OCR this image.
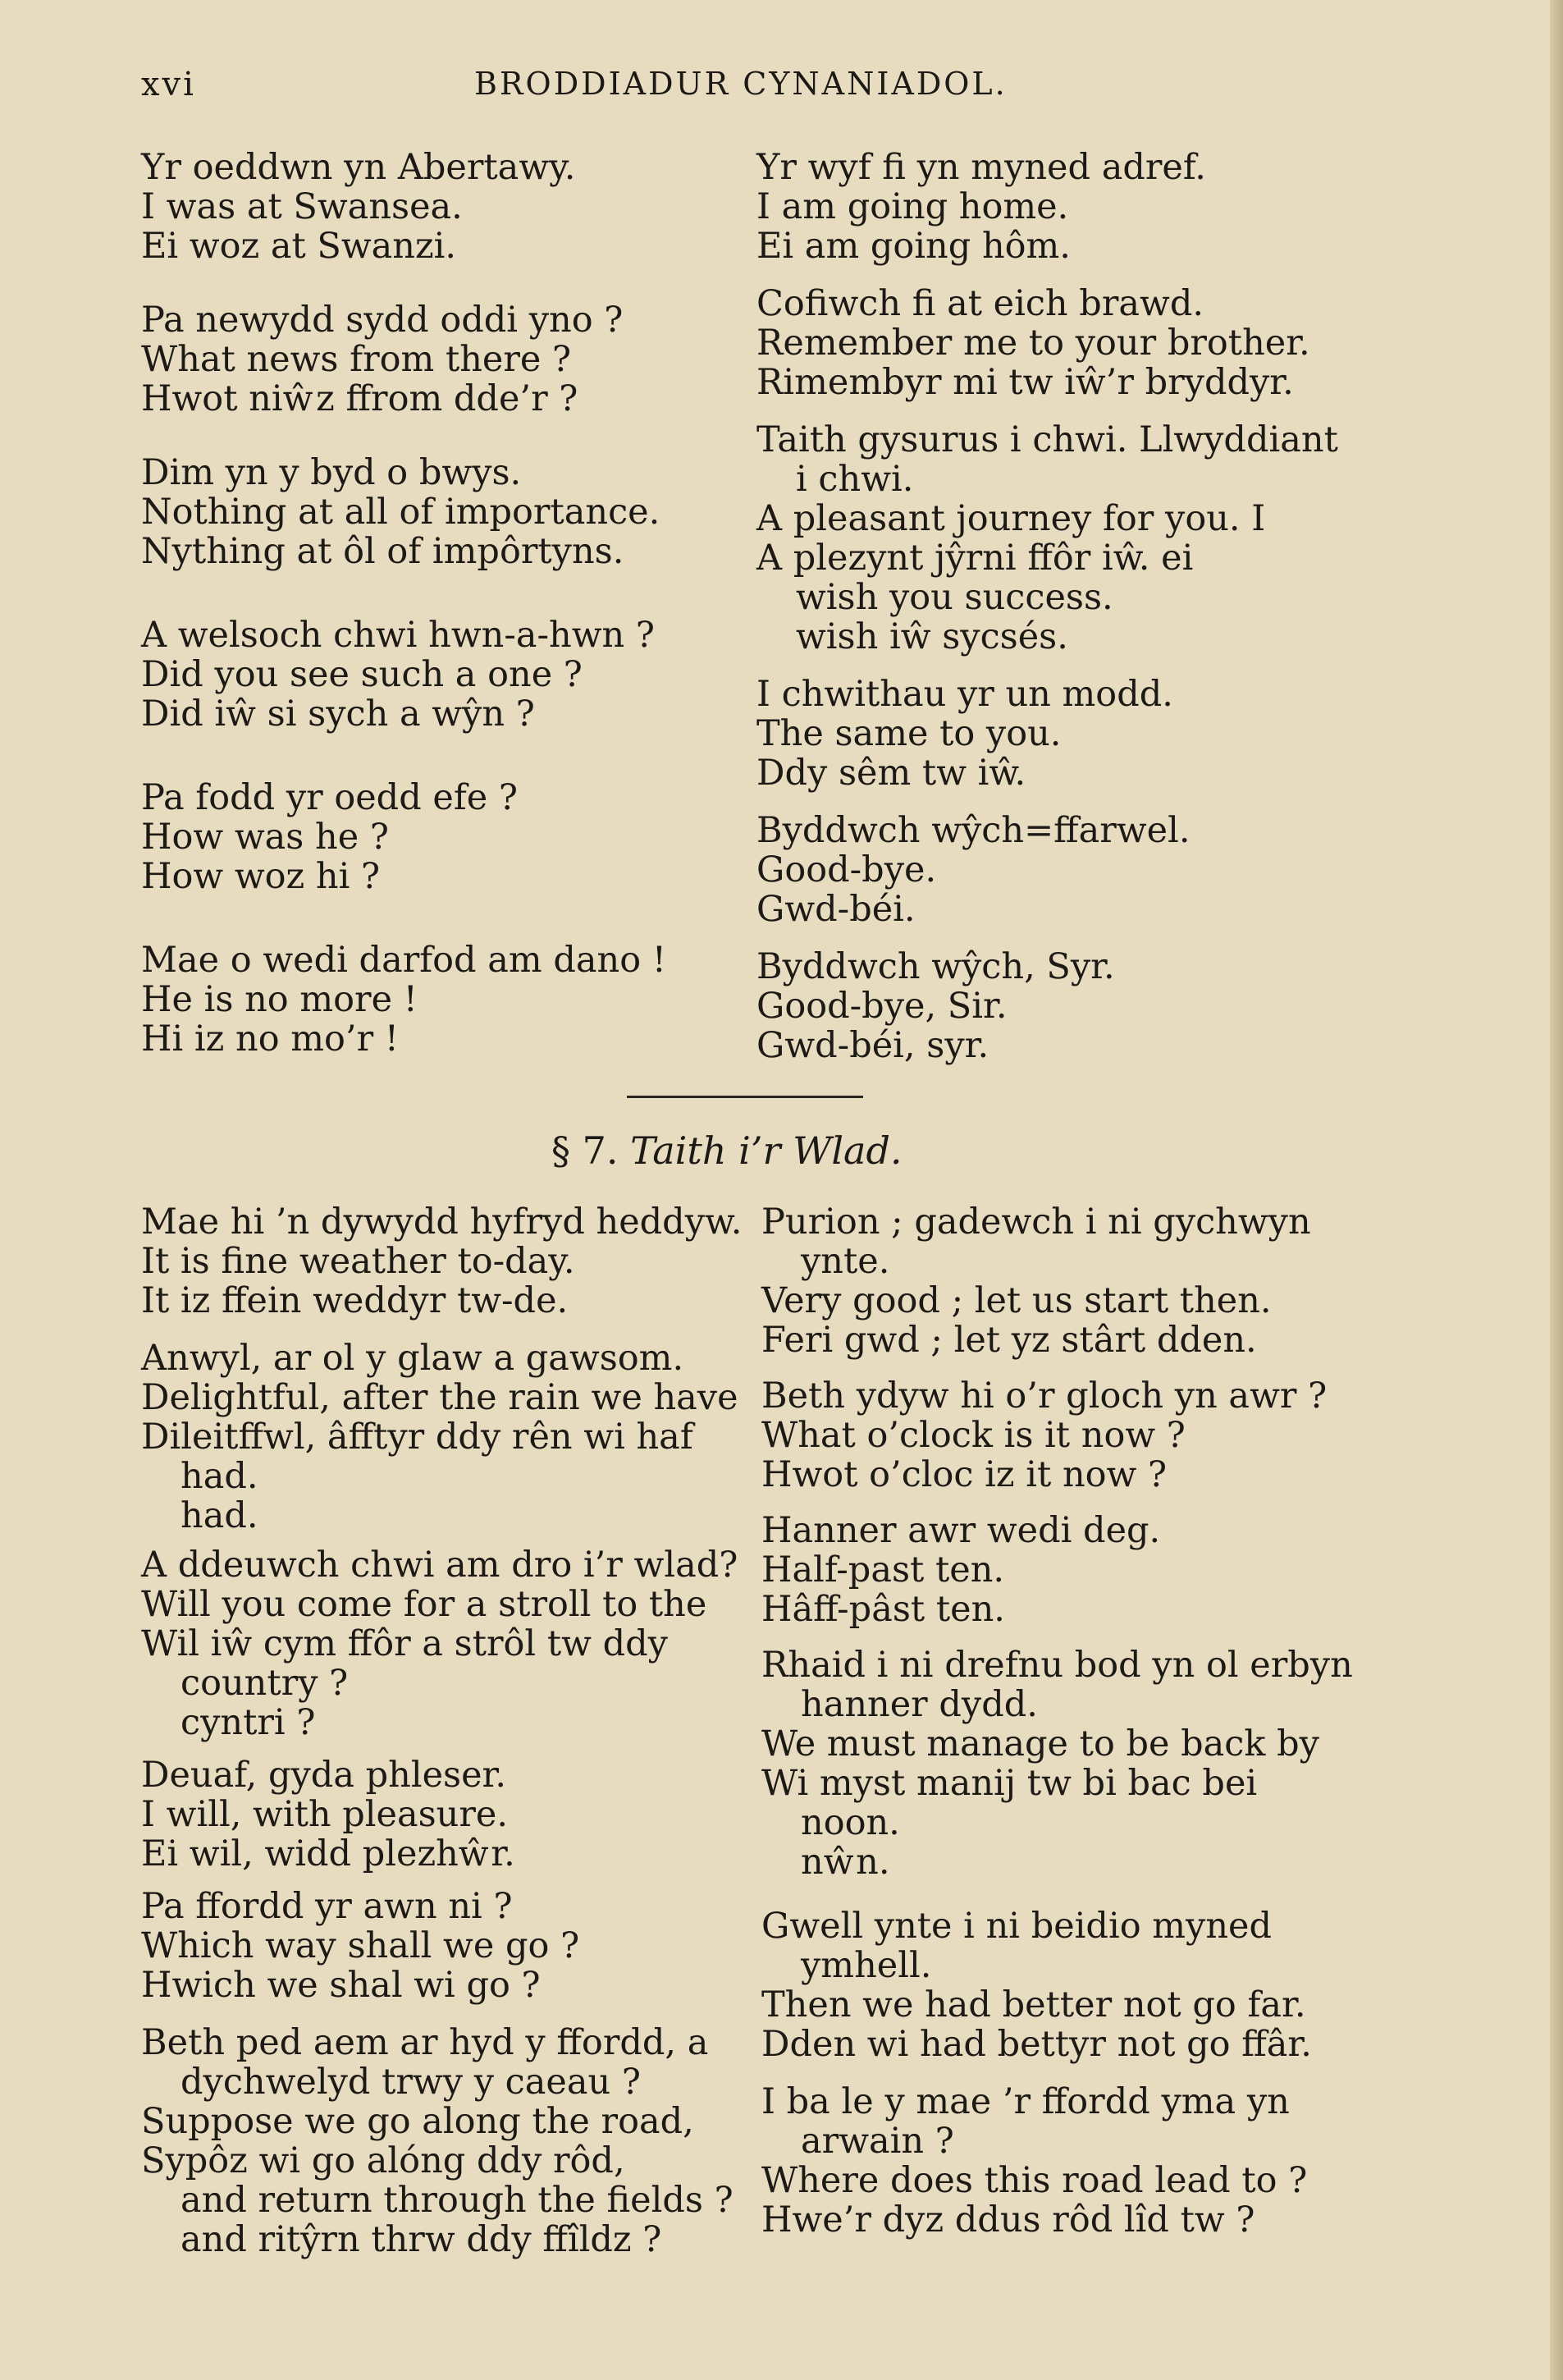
xvi	BRODDIADUR CYNANIADOL.
Yr oeddwn yn Abertawy.
I was at Swansea.
Ei woz at Swanzi.
Pa newydd sydd oddi yno ?
What news from there ?
Hwot niŵz ffrom dde’r ?
Dim yn y byd o bwys.
Nothing at all of importance.
Nything at ôl of impôrtyns.
A welsoch chwi hwn-a-hwn ?
Did you see such a one ?
Did iŵ si sych a wŷn ?
Pa fodd yr oedd efe ?
How was he ?
How woz hi ?
Mae o wedi darfod am dano !
He is no more !
Hi iz no mo’r !
Yr wyf fi yn myned adref.
I am going home.
Ei am going hôm.
Cofiwch fi at eich brawd.
Remember me to your brother.
Rimembyr mi tw iŵ’r bryddyr.
Taith gysurus i chwi. Llwyddiant
i chwi.
A pleasant journey for you. I
A plezynt jŷrni ffôr iŵ. ei
wish you success.
wish iŵ sycsés.
I chwithau yr un modd.
The same to you.
Ddy sêm tw iŵ.
Byddwch wŷch=ffarwel.
Good-bye.
Gwd-béi.
Byddwch wŷch, Syr.
Good-bye, Sir.
Gwd-béi, syr.
§ 7. Taith i’r Wlad.
Mae hi ’n dywydd hyfryd heddyw.
It is fine weather to-day.
It iz ffein weddyr tw-de.
Anwyl, ar ol y glaw a gawsom.
Delightful, after the rain we have
Dileitffwl, âfftyr ddy rên wi haf
had.
had.
A ddeuwch chwi am dro i’r wlad?
Will you come for a stroll to the
Wil iŵ cym ffôr a strôl tw ddy
country ?
cyntri ?
Deuaf, gyda phleser.
I will, with pleasure.
Ei wil, widd plezhŵr.
Pa ffordd yr awn ni ?
Which way shall we go ?
Hwich we shal wi go ?
Beth ped aem ar hyd y ffordd, a
dychwelyd trwy y caeau ?
Suppose we go along the road,
Sypôz wi go alóng ddy rôd,
and return through the fields ?
and ritŷrn thrw ddy ffîldz ?
Purion ; gadewch i ni gychwyn
ynte.
Very good ; let us start then.
Feri gwd ; let yz stârt dden.
Beth ydyw hi o’r gloch yn awr ?
What o’clock is it now ?
Hwot o’cloc iz it now ?
Hanner awr wedi deg.
Half-past ten.
Hâff-pâst ten.
Rhaid i ni drefnu bod yn ol erbyn
hanner dydd.
We must manage to be back by
Wi myst manij tw bi bac bei
noon.
nŵn.
Gwell ynte i ni beidio myned
ymhell.
Then we had better not go far.
Dden wi had bettyr not go ffâr.
I ba le y mae ’r ffordd yma yn
arwain ?
Where does this road lead to ?
Hwe’r dyz ddus rôd lîd tw ?
